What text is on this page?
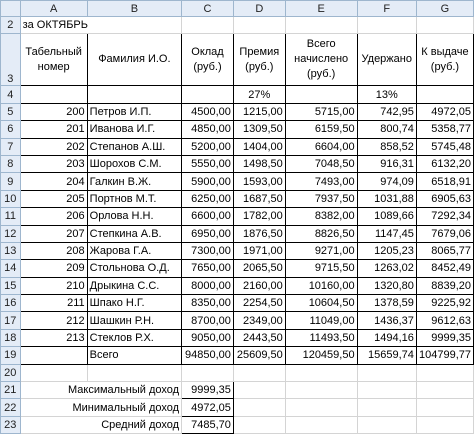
	A	B	C	D	E	F	G
2	за ОКТЯБРЬ						
3	Табельный номер	Фамилия И.О.	Оклад (руб.)	Премия (руб.)	Всего начислено (руб.)	Удержано	К выдаче (руб.)
4				27%		13%	
5	200	Петров И.П.	4500,00	1215,00	5715,00	742,95	4972,05
6	201	Иванова И.Г.	4850,00	1309,50	6159,50	800,74	5358,77
7	202	Степанов А.Ш.	5200,00	1404,00	6604,00	858,52	5745,48
8	203	Шорохов С.М.	5550,00	1498,50	7048,50	916,31	6132,20
9	204	Галкин В.Ж.	5900,00	1593,00	7493,00	974,09	6518,91
10	205	Портнов М.Т.	6250,00	1687,50	7937,50	1031,88	6905,63
11	206	Орлова Н.Н.	6600,00	1782,00	8382,00	1089,66	7292,34
12	207	Степкина А.В.	6950,00	1876,50	8826,50	1147,45	7679,06
13	208	Жарова Г.А.	7300,00	1971,00	9271,00	1205,23	8065,77
14	209	Стольнова О.Д.	7650,00	2065,50	9715,50	1263,02	8452,49
15	210	Дрыкина С.С.	8000,00	2160,00	10160,00	1320,80	8839,20
16	211	Шпако Н.Г.	8350,00	2254,50	10604,50	1378,59	9225,92
17	212	Шашкин Р.Н.	8700,00	2349,00	11049,00	1436,37	9612,63
18	213	Стеклов Р.Х.	9050,00	2443,50	11493,50	1494,16	9999,35
19		Всего	94850,00	25609,50	120459,50	15659,74	104799,77
20							
21	Максимальный доход		9999,35				
22	Минимальный доход		4972,05				
23	Средний доход		7485,70				
